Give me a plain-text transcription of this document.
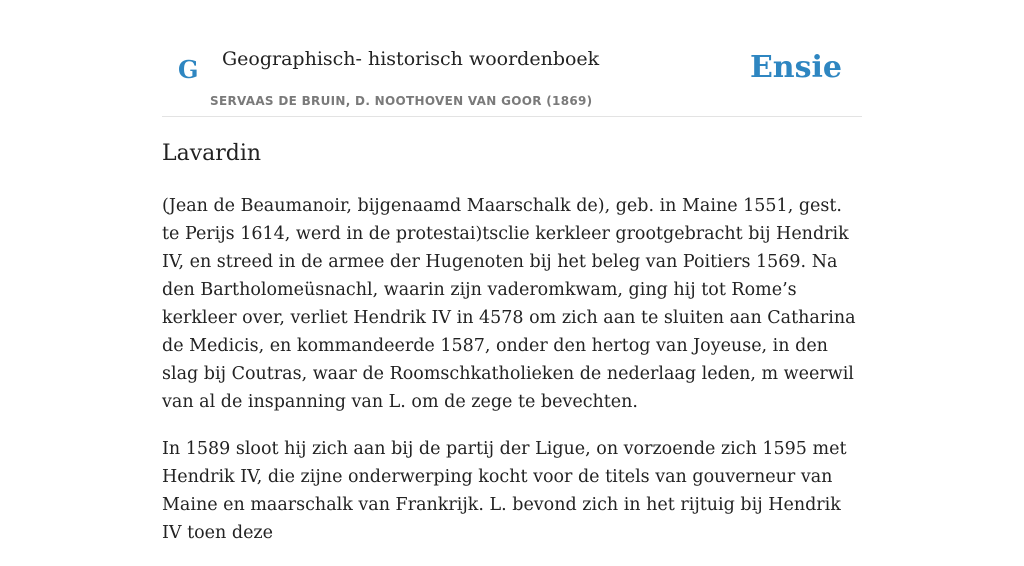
G Geographisch- historisch woordenboek
SERVAAS DE BRUIN, D. NOOTHOVEN VAN GOOR (1869)
Ensie
Lavardin

(Jean de Beaumanoir, bijgenaamd Maarschalk de), geb. in Maine 1551, gest. te Perijs 1614, werd in de protestai)tsclie kerkleer grootgebracht bij Hendrik IV, en streed in de armee der Hugenoten bij het beleg van Poitiers 1569. Na den Bartholomeüsnachl, waarin zijn vaderomkwam, ging hij tot Rome’s kerkleer over, verliet Hendrik IV in 4578 om zich aan te sluiten aan Catharina de Medicis, en kommandeerde 1587, onder den hertog van Joyeuse, in den slag bij Coutras, waar de Roomschkatholieken de nederlaag leden, m weerwil van al de inspanning van L. om de zege te bevechten.

In 1589 sloot hij zich aan bij de partij der Ligue, on vorzoende zich 1595 met Hendrik IV, die zijne onderwerping kocht voor de titels van gouverneur van Maine en maarschalk van Frankrijk. L. bevond zich in het rijtuig bij Hendrik IV toen deze
